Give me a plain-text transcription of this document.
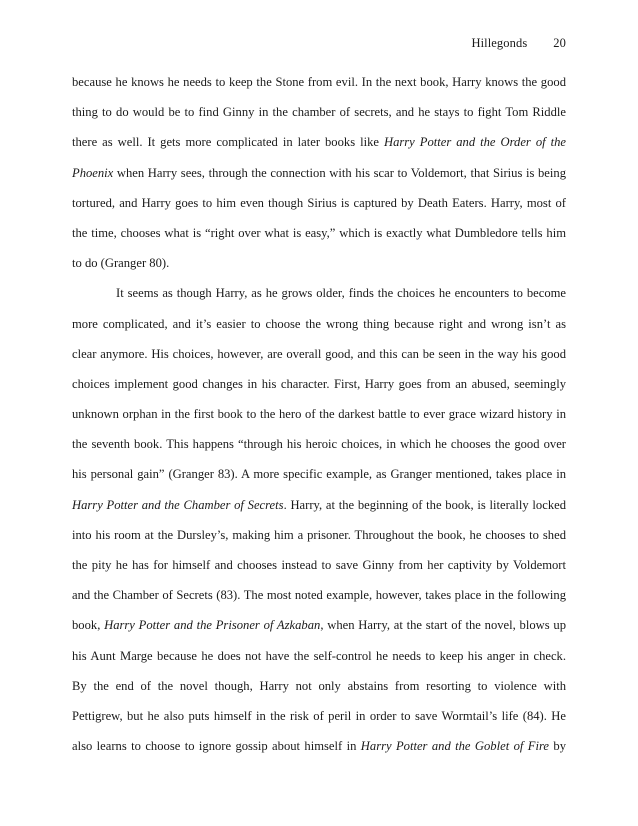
Hillegonds 20
because he knows he needs to keep the Stone from evil. In the next book, Harry knows the good
thing to do would be to find Ginny in the chamber of secrets, and he stays to fight Tom Riddle
there as well. It gets more complicated in later books like Harry Potter and the Order of the
Phoenix when Harry sees, through the connection with his scar to Voldemort, that Sirius is being
tortured, and Harry goes to him even though Sirius is captured by Death Eaters. Harry, most of
the time, chooses what is “right over what is easy,” which is exactly what Dumbledore tells him
to do (Granger 80).
It seems as though Harry, as he grows older, finds the choices he encounters to become
more complicated, and it’s easier to choose the wrong thing because right and wrong isn’t as
clear anymore. His choices, however, are overall good, and this can be seen in the way his good
choices implement good changes in his character. First, Harry goes from an abused, seemingly
unknown orphan in the first book to the hero of the darkest battle to ever grace wizard history in
the seventh book. This happens “through his heroic choices, in which he chooses the good over
his personal gain” (Granger 83). A more specific example, as Granger mentioned, takes place in
Harry Potter and the Chamber of Secrets. Harry, at the beginning of the book, is literally locked
into his room at the Dursley’s, making him a prisoner. Throughout the book, he chooses to shed
the pity he has for himself and chooses instead to save Ginny from her captivity by Voldemort
and the Chamber of Secrets (83). The most noted example, however, takes place in the following
book, Harry Potter and the Prisoner of Azkaban, when Harry, at the start of the novel, blows up
his Aunt Marge because he does not have the self-control he needs to keep his anger in check.
By the end of the novel though, Harry not only abstains from resorting to violence with
Pettigrew, but he also puts himself in the risk of peril in order to save Wormtail’s life (84). He
also learns to choose to ignore gossip about himself in Harry Potter and the Goblet of Fire by
